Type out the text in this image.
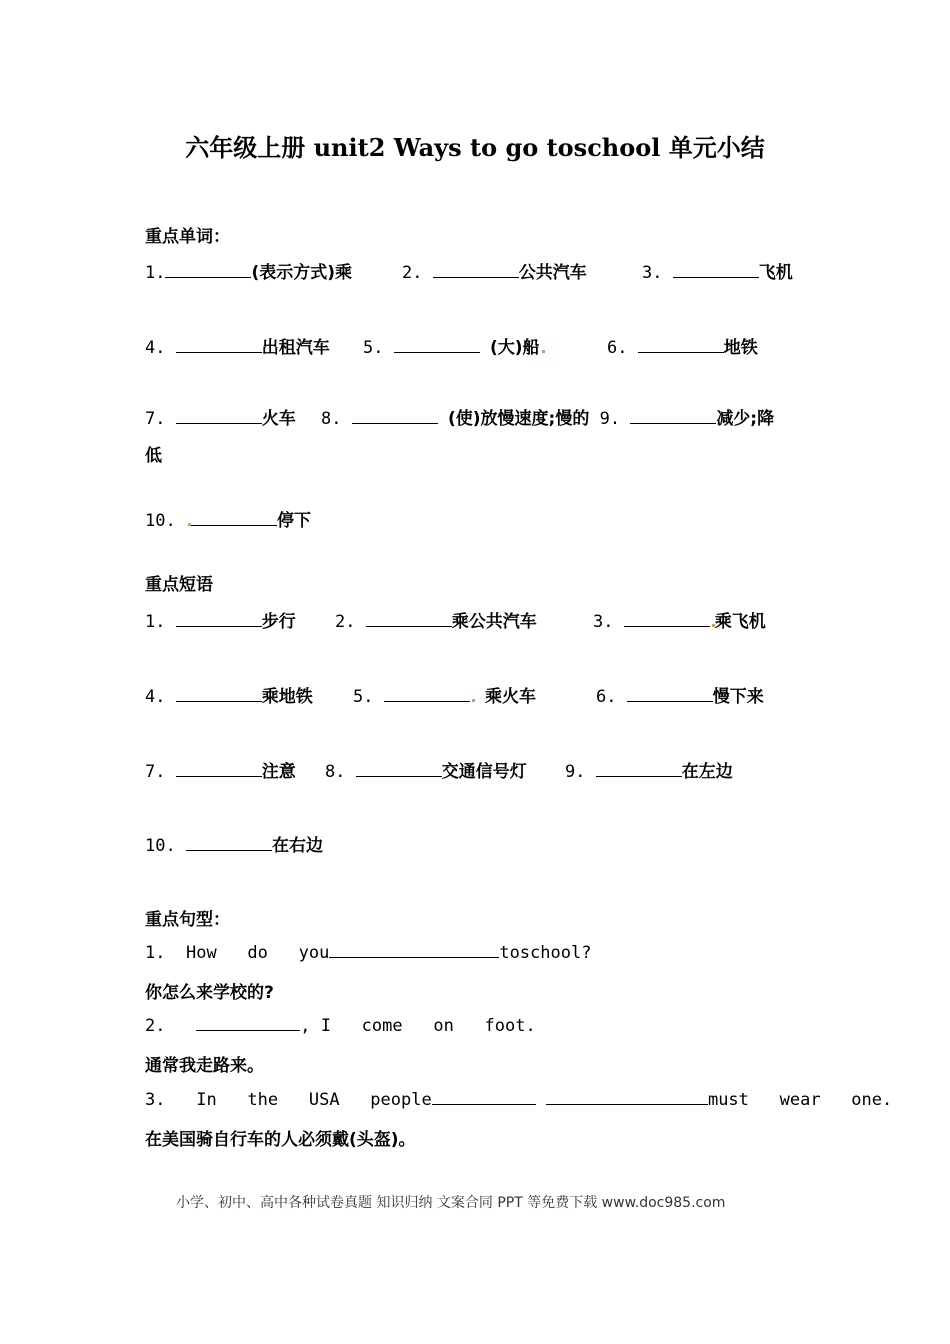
六年级上册 unit2 Ways to go toschool 单元小结
重点单词：
1.	(表示方式)乘	2.	公共汽车	3.	飞机
4.	出租汽车 5.	(大)船	6.	地铁
7.	火车 8.	(使)放慢速度;慢的 9.	减少;降
低
10.	停下
重点短语
1.	步行 2.	乘公共汽车	3.	乘飞机
4.	乘地铁 5.	乘火车	6.	慢下来
7.	注意 8.	交通信号灯 9.	在左边
10.	在右边
重点句型：
1. How do you	toschool?
你怎么来学校的?
2.	, I come on foot.
通常我走路来。
3. In the USA people	must wear one.
在美国骑自行车的人必须戴(头盔)。
小学、初中、高中各种试卷真题 知识归纳 文案合同 PPT 等免费下载 www.doc985.com
